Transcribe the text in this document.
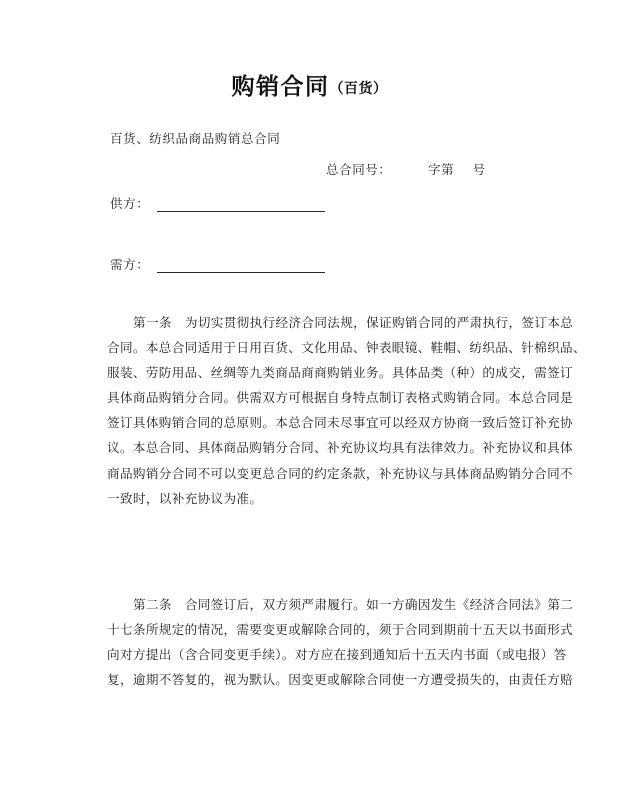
购销合同（百货）
百货、纺织品商品购销总合同
总合同号：        字第    号
供方：
需方：
第一条   为切实贯彻执行经济合同法规，保证购销合同的严肃执行，签订本总
合同。本总合同适用于日用百货、文化用品、钟表眼镜、鞋帽、纺织品、针棉织品、
服装、劳防用品、丝绸等九类商品商商购销业务。具体品类（种）的成交，需签订
具体商品购销分合同。供需双方可根据自身特点制订表格式购销合同。本总合同是
签订具体购销合同的总原则。本总合同未尽事宜可以经双方协商一致后签订补充协
议。本总合同、具体商品购销分合同、补充协议均具有法律效力。补充协议和具体
商品购销分合同不可以变更总合同的约定条款，补充协议与具体商品购销分合同不
一致时，以补充协议为准。
第二条   合同签订后，双方须严肃履行。如一方确因发生《经济合同法》第二
十七条所规定的情况，需要变更或解除合同的，须于合同到期前十五天以书面形式
向对方提出（含合同变更手续）。对方应在接到通知后十五天内书面（或电报）答
复，逾期不答复的，视为默认。因变更或解除合同使一方遭受损失的，由责任方赔
